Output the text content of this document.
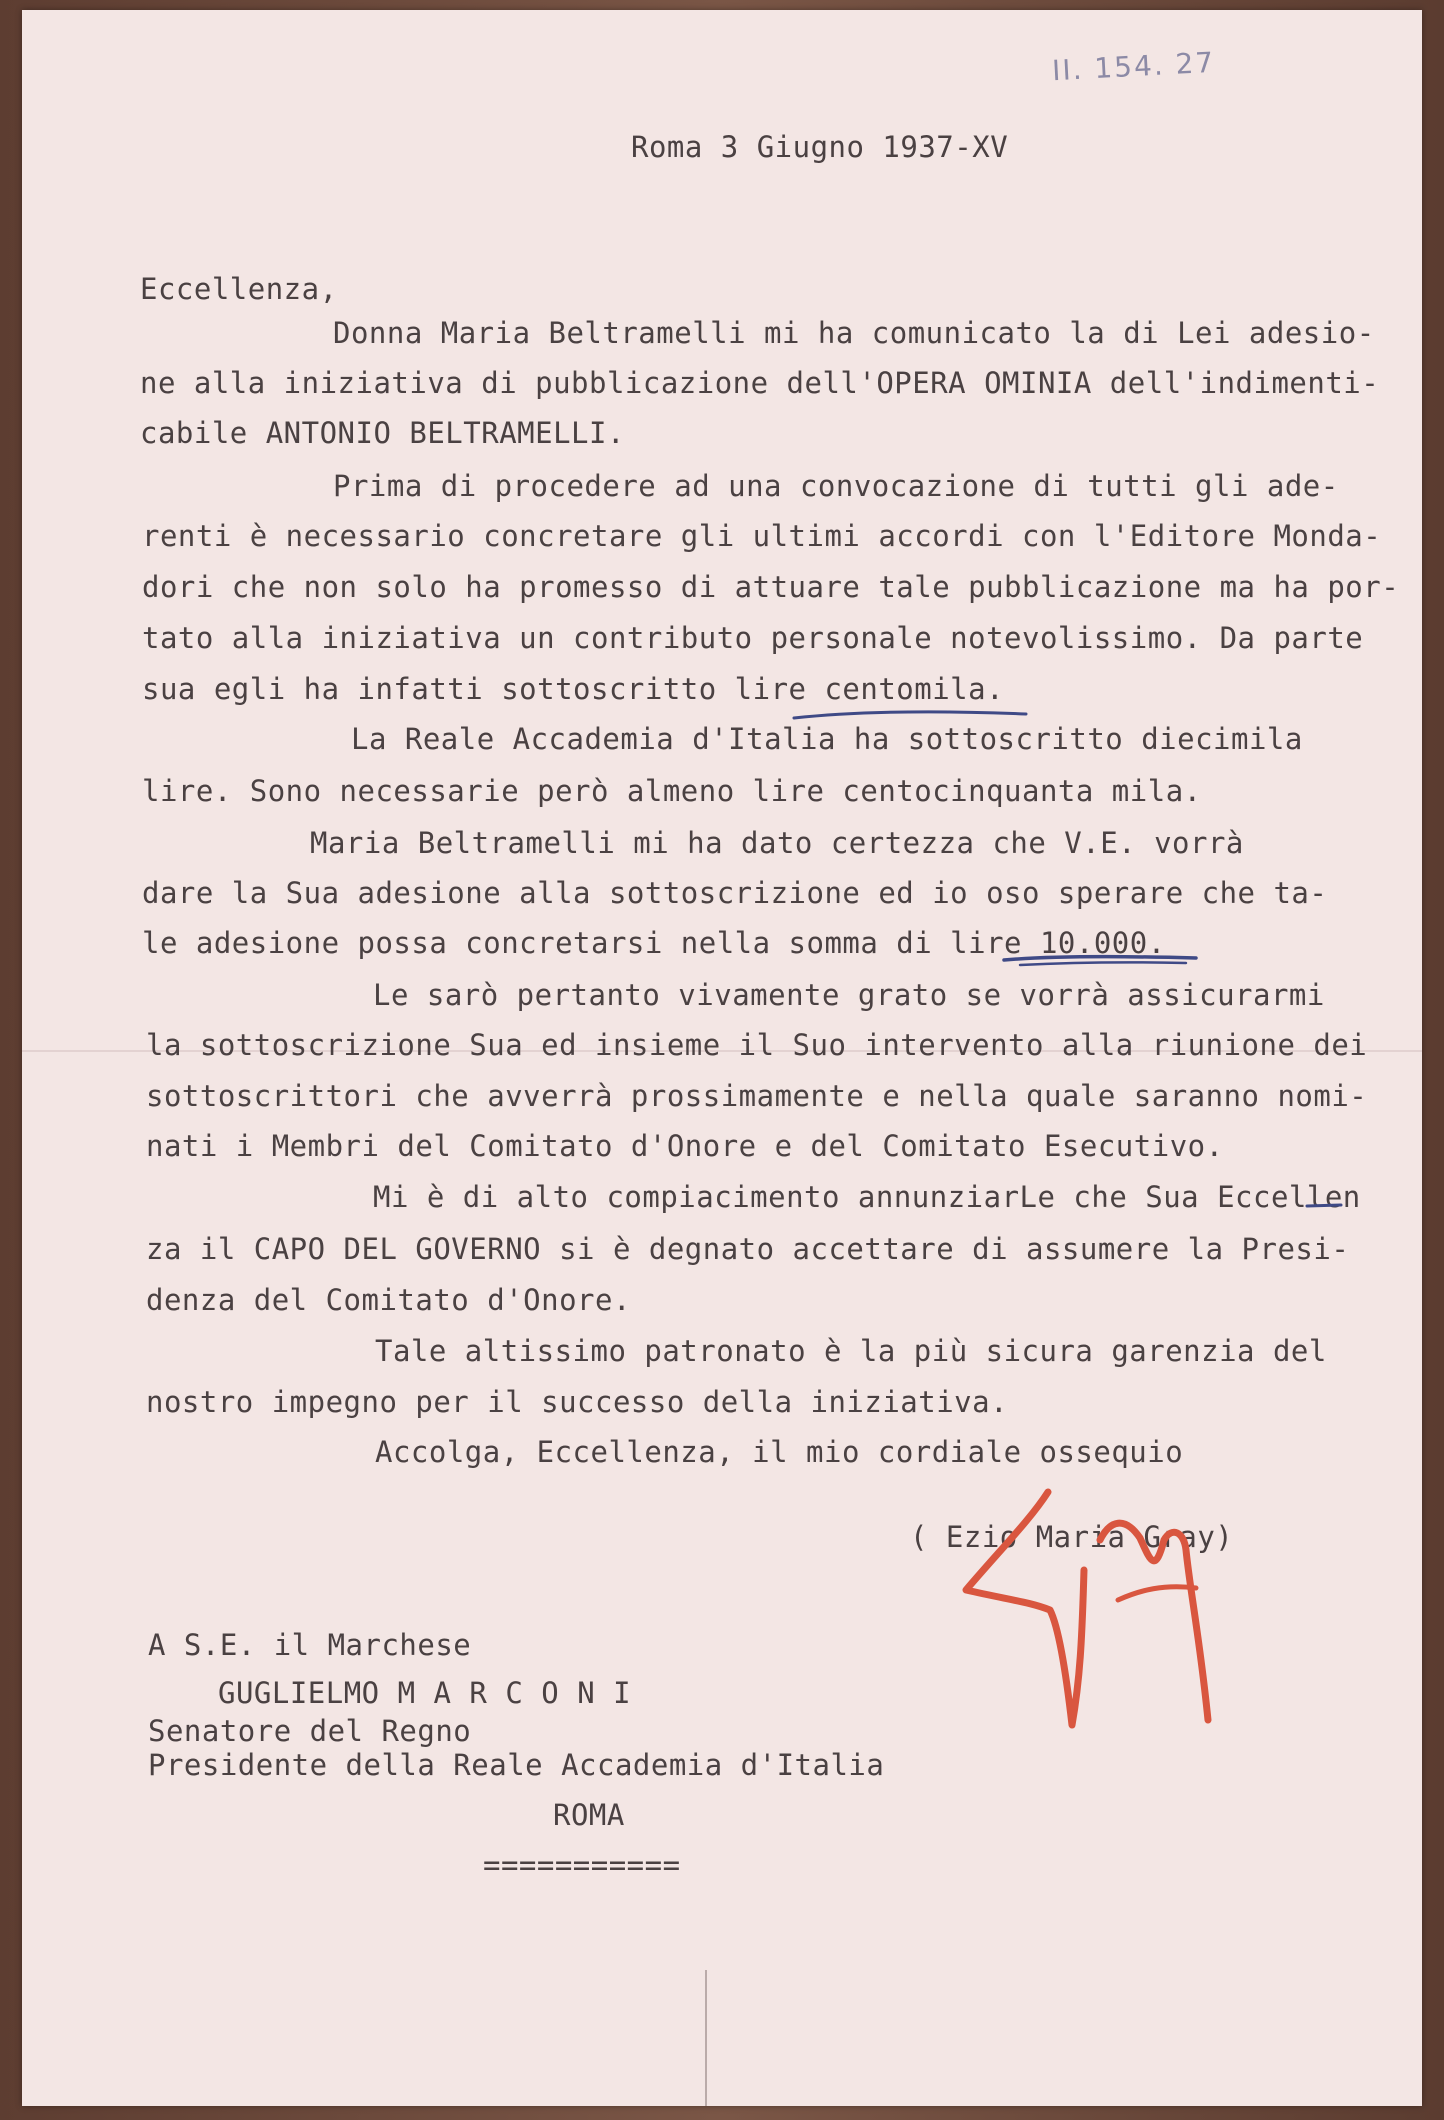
II. 154. 27
Roma 3 Giugno 1937-XV
Eccellenza,
Donna Maria Beltramelli mi ha comunicato la di Lei adesio-
ne alla iniziativa di pubblicazione dell'OPERA OMINIA dell'indimenti-
cabile ANTONIO BELTRAMELLI.
Prima di procedere ad una convocazione di tutti gli ade-
renti è necessario concretare gli ultimi accordi con l'Editore Monda-
dori che non solo ha promesso di attuare tale pubblicazione ma ha por-
tato alla iniziativa un contributo personale notevolissimo. Da parte
sua egli ha infatti sottoscritto lire centomila.
La Reale Accademia d'Italia ha sottoscritto diecimila
lire. Sono necessarie però almeno lire centocinquanta mila.
Maria Beltramelli mi ha dato certezza che V.E. vorrà
dare la Sua adesione alla sottoscrizione ed io oso sperare che ta-
le adesione possa concretarsi nella somma di lire 10.000.
Le sarò pertanto vivamente grato se vorrà assicurarmi
la sottoscrizione Sua ed insieme il Suo intervento alla riunione dei
sottoscrittori che avverrà prossimamente e nella quale saranno nomi-
nati i Membri del Comitato d'Onore e del Comitato Esecutivo.
Mi è di alto compiacimento annunziarLe che Sua Eccellen
za il CAPO DEL GOVERNO si è degnato accettare di assumere la Presi-
denza del Comitato d'Onore.
Tale altissimo patronato è la più sicura garenzia del
nostro impegno per il successo della iniziativa.
Accolga, Eccellenza, il mio cordiale ossequio
( Ezio Maria Gray)
A S.E. il Marchese
GUGLIELMO M A R C O N I
Senatore del Regno
Presidente della Reale Accademia d'Italia
ROMA
===========
